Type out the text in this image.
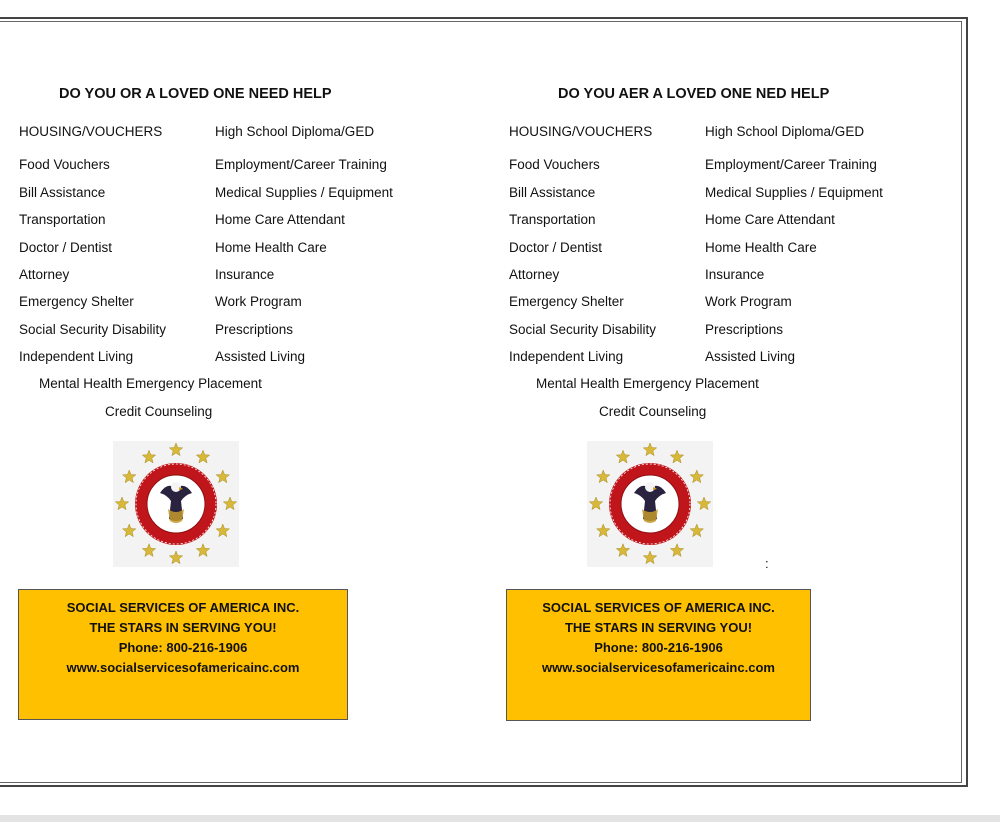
DO YOU OR A LOVED ONE NEED HELP
HOUSING/VOUCHERS
Food Vouchers
Bill Assistance
Transportation
Doctor / Dentist
Attorney
Emergency Shelter
Social Security Disability
Independent Living
High School Diploma/GED
Employment/Career Training
Medical Supplies / Equipment
Home Care Attendant
Home Health Care
Insurance
Work Program
Prescriptions
Assisted Living
Mental Health Emergency Placement
Credit Counseling
SOCIAL SERVICES OF AMERICA INC.
THE STARS IN SERVING YOU!
Phone: 800-216-1906
www.socialservicesofamericainc.com
DO YOU AER A LOVED ONE NED HELP
HOUSING/VOUCHERS
Food Vouchers
Bill Assistance
Transportation
Doctor / Dentist
Attorney
Emergency Shelter
Social Security Disability
Independent Living
High School Diploma/GED
Employment/Career Training
Medical Supplies / Equipment
Home Care Attendant
Home Health Care
Insurance
Work Program
Prescriptions
Assisted Living
Mental Health Emergency Placement
Credit Counseling
:
SOCIAL SERVICES OF AMERICA INC.
THE STARS IN SERVING YOU!
Phone: 800-216-1906
www.socialservicesofamericainc.com
